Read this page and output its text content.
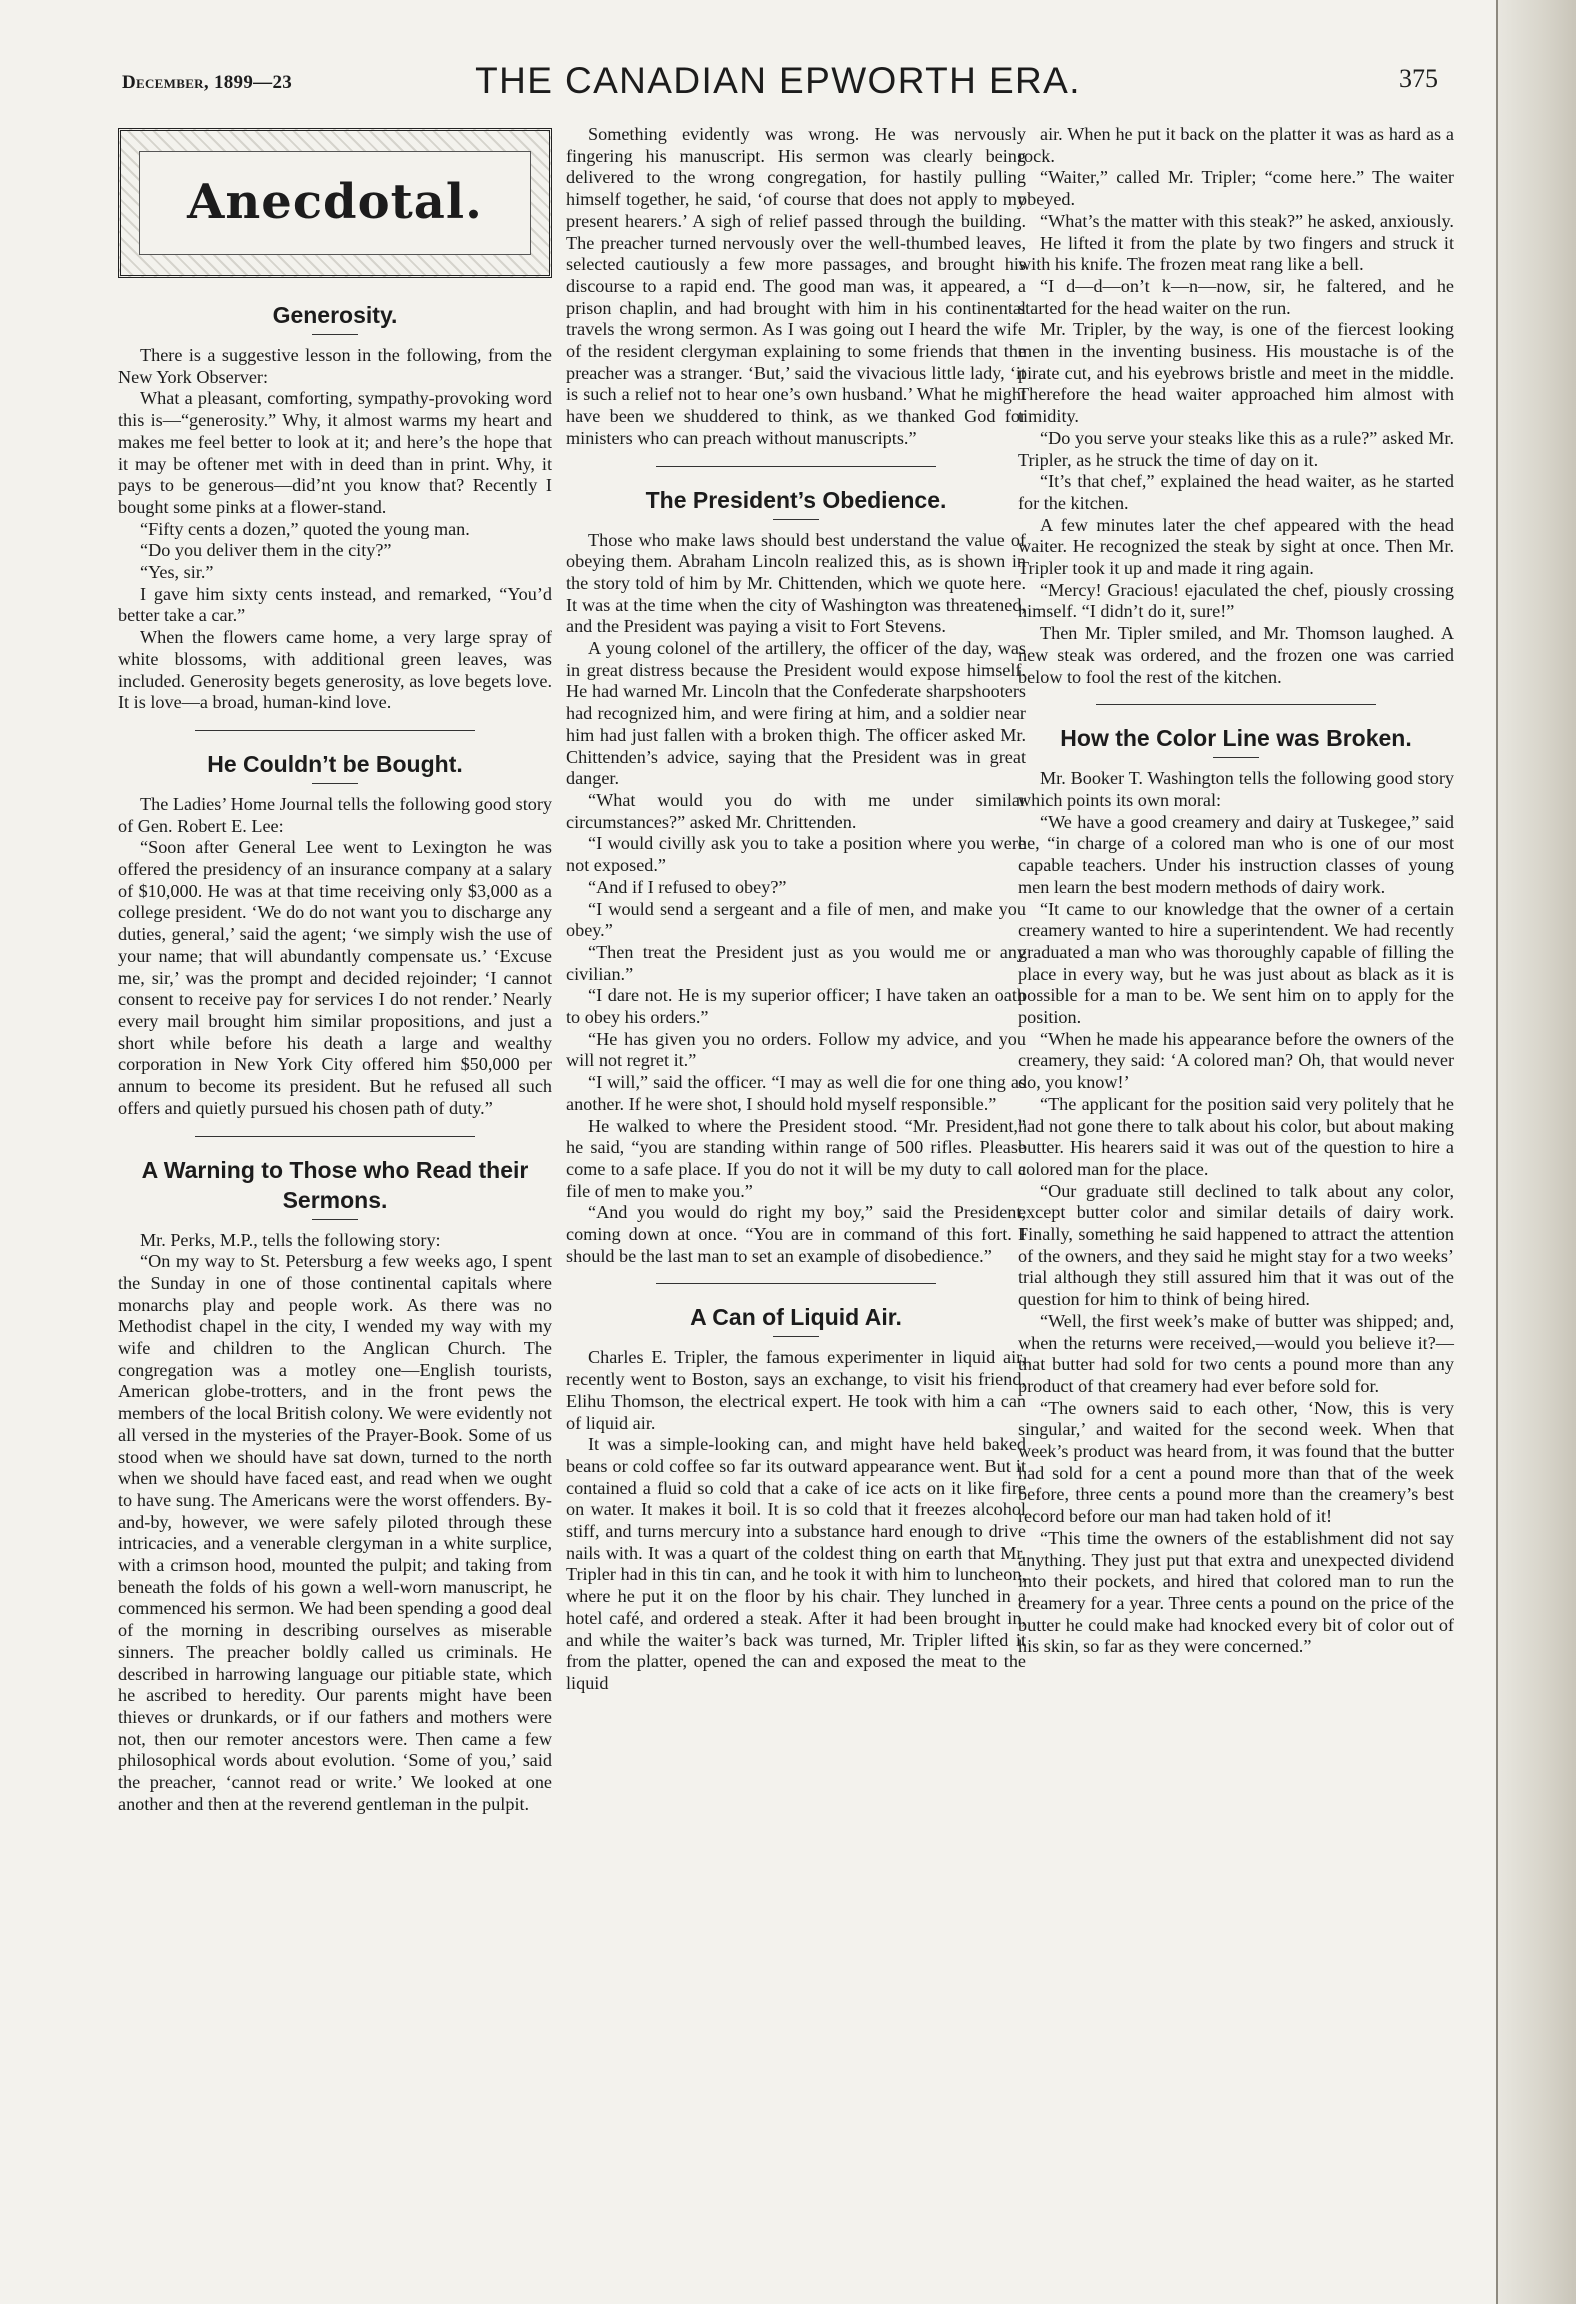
December, 1899—23	THE CANADIAN EPWORTH ERA.	375
Anecdotal.
Generosity.

There is a suggestive lesson in the following, from the New York Observer:

What a pleasant, comforting, sympathy-provoking word this is—“generosity.” Why, it almost warms my heart and makes me feel better to look at it; and here’s the hope that it may be oftener met with in deed than in print. Why, it pays to be generous—did’nt you know that? Recently I bought some pinks at a flower-stand.

“Fifty cents a dozen,” quoted the young man.

“Do you deliver them in the city?”

“Yes, sir.”

I gave him sixty cents instead, and remarked, “You’d better take a car.”

When the flowers came home, a very large spray of white blossoms, with additional green leaves, was included. Generosity begets generosity, as love begets love. It is love—a broad, human-kind love.

He Couldn’t be Bought.

The Ladies’ Home Journal tells the following good story of Gen. Robert E. Lee:

“Soon after General Lee went to Lexington he was offered the presidency of an insurance company at a salary of $10,000. He was at that time receiving only $3,000 as a college president. ‘We do do not want you to discharge any duties, general,’ said the agent; ‘we simply wish the use of your name; that will abundantly compensate us.’ ‘Excuse me, sir,’ was the prompt and decided rejoinder; ‘I cannot consent to receive pay for services I do not render.’ Nearly every mail brought him similar propositions, and just a short while before his death a large and wealthy corporation in New York City offered him $50,000 per annum to become its president. But he refused all such offers and quietly pursued his chosen path of duty.”

A Warning to Those who Read their Sermons.

Mr. Perks, M.P., tells the following story:

“On my way to St. Petersburg a few weeks ago, I spent the Sunday in one of those continental capitals where monarchs play and people work. As there was no Methodist chapel in the city, I wended my way with my wife and children to the Anglican Church. The congregation was a motley one—English tourists, American globe-trotters, and in the front pews the members of the local British colony. We were evidently not all versed in the mysteries of the Prayer-Book. Some of us stood when we should have sat down, turned to the north when we should have faced east, and read when we ought to have sung. The Americans were the worst offenders. By-and-by, however, we were safely piloted through these intricacies, and a venerable clergyman in a white surplice, with a crimson hood, mounted the pulpit; and taking from beneath the folds of his gown a well-worn manuscript, he commenced his sermon. We had been spending a good deal of the morning in describing ourselves as miserable sinners. The preacher boldly called us criminals. He described in harrowing language our pitiable state, which he ascribed to heredity. Our parents might have been thieves or drunkards, or if our fathers and mothers were not, then our remoter ancestors were. Then came a few philosophical words about evolution. ‘Some of you,’ said the preacher, ‘cannot read or write.’ We looked at one another and then at the reverend gentleman in the pulpit.

Something evidently was wrong. He was nervously fingering his manuscript. His sermon was clearly being delivered to the wrong congregation, for hastily pulling himself together, he said, ‘of course that does not apply to my present hearers.’ A sigh of relief passed through the building. The preacher turned nervously over the well-thumbed leaves, selected cautiously a few more passages, and brought his discourse to a rapid end. The good man was, it appeared, a prison chaplin, and had brought with him in his continental travels the wrong sermon. As I was going out I heard the wife of the resident clergyman explaining to some friends that the preacher was a stranger. ‘But,’ said the vivacious little lady, ‘it is such a relief not to hear one’s own husband.’ What he might have been we shuddered to think, as we thanked God for ministers who can preach without manuscripts.”

The President’s Obedience.

Those who make laws should best understand the value of obeying them. Abraham Lincoln realized this, as is shown in the story told of him by Mr. Chittenden, which we quote here. It was at the time when the city of Washington was threatened, and the President was paying a visit to Fort Stevens.

A young colonel of the artillery, the officer of the day, was in great distress because the President would expose himself. He had warned Mr. Lincoln that the Confederate sharpshooters had recognized him, and were firing at him, and a soldier near him had just fallen with a broken thigh. The officer asked Mr. Chittenden’s advice, saying that the President was in great danger.

“What would you do with me under similar circumstances?” asked Mr. Chrittenden.

“I would civilly ask you to take a position where you were not exposed.”

“And if I refused to obey?”

“I would send a sergeant and a file of men, and make you obey.”

“Then treat the President just as you would me or any civilian.”

“I dare not. He is my superior officer; I have taken an oath to obey his orders.”

“He has given you no orders. Follow my advice, and you will not regret it.”

“I will,” said the officer. “I may as well die for one thing as another. If he were shot, I should hold myself responsible.”

He walked to where the President stood. “Mr. President,” he said, “you are standing within range of 500 rifles. Please come to a safe place. If you do not it will be my duty to call a file of men to make you.”

“And you would do right my boy,” said the President, coming down at once. “You are in command of this fort. I should be the last man to set an example of disobedience.”

A Can of Liquid Air.

Charles E. Tripler, the famous experimenter in liquid air, recently went to Boston, says an exchange, to visit his friend, Elihu Thomson, the electrical expert. He took with him a can of liquid air.

It was a simple-looking can, and might have held baked beans or cold coffee so far its outward appearance went. But it contained a fluid so cold that a cake of ice acts on it like fire on water. It makes it boil. It is so cold that it freezes alcohol stiff, and turns mercury into a substance hard enough to drive nails with. It was a quart of the coldest thing on earth that Mr. Tripler had in this tin can, and he took it with him to luncheon, where he put it on the floor by his chair. They lunched in a hotel café, and ordered a steak. After it had been brought in, and while the waiter’s back was turned, Mr. Tripler lifted it from the platter, opened the can and exposed the meat to the liquid

air. When he put it back on the platter it was as hard as a rock.

“Waiter,” called Mr. Tripler; “come here.” The waiter obeyed.

“What’s the matter with this steak?” he asked, anxiously.

He lifted it from the plate by two fingers and struck it with his knife. The frozen meat rang like a bell.

“I d—d—on’t k—n—now, sir, he faltered, and he started for the head waiter on the run.

Mr. Tripler, by the way, is one of the fiercest looking men in the inventing business. His moustache is of the pirate cut, and his eyebrows bristle and meet in the middle. Therefore the head waiter approached him almost with timidity.

“Do you serve your steaks like this as a rule?” asked Mr. Tripler, as he struck the time of day on it.

“It’s that chef,” explained the head waiter, as he started for the kitchen.

A few minutes later the chef appeared with the head waiter. He recognized the steak by sight at once. Then Mr. Tripler took it up and made it ring again.

“Mercy! Gracious! ejaculated the chef, piously crossing himself. “I didn’t do it, sure!”

Then Mr. Tipler smiled, and Mr. Thomson laughed. A new steak was ordered, and the frozen one was carried below to fool the rest of the kitchen.

How the Color Line was Broken.

Mr. Booker T. Washington tells the following good story which points its own moral:

“We have a good creamery and dairy at Tuskegee,” said he, “in charge of a colored man who is one of our most capable teachers. Under his instruction classes of young men learn the best modern methods of dairy work.

“It came to our knowledge that the owner of a certain creamery wanted to hire a superintendent. We had recently graduated a man who was thoroughly capable of filling the place in every way, but he was just about as black as it is possible for a man to be. We sent him on to apply for the position.

“When he made his appearance before the owners of the creamery, they said: ‘A colored man? Oh, that would never do, you know!’

“The applicant for the position said very politely that he had not gone there to talk about his color, but about making butter. His hearers said it was out of the question to hire a colored man for the place.

“Our graduate still declined to talk about any color, except butter color and similar details of dairy work. Finally, something he said happened to attract the attention of the owners, and they said he might stay for a two weeks’ trial although they still assured him that it was out of the question for him to think of being hired.

“Well, the first week’s make of butter was shipped; and, when the returns were received,—would you believe it?—that butter had sold for two cents a pound more than any product of that creamery had ever before sold for.

“The owners said to each other, ‘Now, this is very singular,’ and waited for the second week. When that week’s product was heard from, it was found that the butter had sold for a cent a pound more than that of the week before, three cents a pound more than the creamery’s best record before our man had taken hold of it!

“This time the owners of the establishment did not say anything. They just put that extra and unexpected dividend into their pockets, and hired that colored man to run the creamery for a year. Three cents a pound on the price of the butter he could make had knocked every bit of color out of his skin, so far as they were concerned.”
